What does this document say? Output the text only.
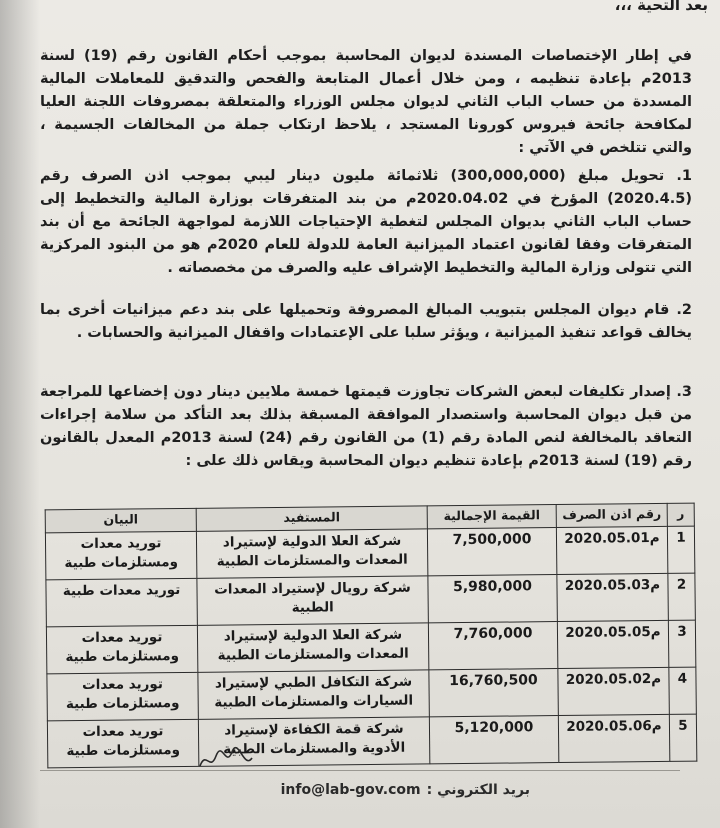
بعد التحية ،،،

في إطار الإختصاصات المسندة لديوان المحاسبة بموجب أحكام القانون رقم (19) لسنة 2013م بإعادة تنظيمه ، ومن خلال أعمال المتابعة والفحص والتدقيق للمعاملات المالية المسددة من حساب الباب الثاني لديوان مجلس الوزراء والمتعلقة بمصروفات اللجنة العليا لمكافحة جائحة فيروس كورونا المستجد ، يلاحظ ارتكاب جملة من المخالفات الجسيمة ، والتي تتلخص في الآتي :

1. تحويل مبلغ (300,000,000) ثلاثمائة مليون دينار ليبي بموجب اذن الصرف رقم (2020.4.5) المؤرخ في 2020.04.02م من بند المتفرقات بوزارة المالية والتخطيط إلى حساب الباب الثاني بديوان المجلس لتغطية الإحتياجات اللازمة لمواجهة الجائحة مع أن بند المتفرقات وفقا لقانون اعتماد الميزانية العامة للدولة للعام 2020م هو من البنود المركزية التي تتولى وزارة المالية والتخطيط الإشراف عليه والصرف من مخصصاته .

2. قام ديوان المجلس بتبويب المبالغ المصروفة وتحميلها على بند دعم ميزانيات أخرى بما يخالف قواعد تنفيذ الميزانية ، ويؤثر سلبا على الإعتمادات واقفال الميزانية والحسابات .

3. إصدار تكليفات لبعض الشركات تجاوزت قيمتها خمسة ملايين دينار دون إخضاعها للمراجعة من قبل ديوان المحاسبة واستصدار الموافقة المسبقة بذلك بعد التأكد من سلامة إجراءات التعاقد بالمخالفة لنص المادة رقم (1) من القانون رقم (24) لسنة 2013م المعدل بالقانون رقم (19) لسنة 2013م بإعادة تنظيم ديوان المحاسبة ويقاس ذلك على :

ر	رقم اذن الصرف	القيمة الإجمالية	المستفيد	البيان
1	2020.05.01م	7,500,000	شركة العلا الدولية لإستيراد المعدات والمستلزمات الطبية	توريد معدات ومستلزمات طبية
2	2020.05.03م	5,980,000	شركة رويال لإستيراد المعدات الطبية	توريد معدات طبية
3	2020.05.05م	7,760,000	شركة العلا الدولية لإستيراد المعدات والمستلزمات الطبية	توريد معدات ومستلزمات طبية
4	2020.05.02م	16,760,500	شركة التكافل الطبي لإستيراد السيارات والمستلزمات الطبية	توريد معدات ومستلزمات طبية
5	2020.05.06م	5,120,000	شركة قمة الكفاءة لإستيراد الأدوية والمستلزمات الطبية	توريد معدات ومستلزمات طبية
بريد الكتروني :info@lab-gov.com
